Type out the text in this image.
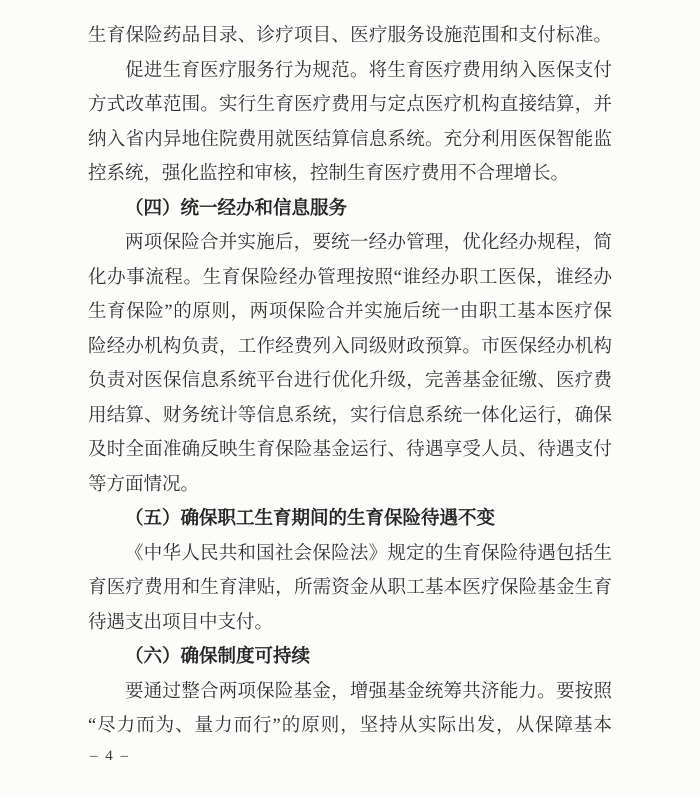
生育保险药品目录、诊疗项目、医疗服务设施范围和支付标准。
促进生育医疗服务行为规范。将生育医疗费用纳入医保支付
方式改革范围。实行生育医疗费用与定点医疗机构直接结算，并
纳入省内异地住院费用就医结算信息系统。充分利用医保智能监
控系统，强化监控和审核，控制生育医疗费用不合理增长。
（四）统一经办和信息服务
两项保险合并实施后，要统一经办管理，优化经办规程，简
化办事流程。生育保险经办管理按照“谁经办职工医保，谁经办
生育保险”的原则，两项保险合并实施后统一由职工基本医疗保
险经办机构负责，工作经费列入同级财政预算。市医保经办机构
负责对医保信息系统平台进行优化升级，完善基金征缴、医疗费
用结算、财务统计等信息系统，实行信息系统一体化运行，确保
及时全面准确反映生育保险基金运行、待遇享受人员、待遇支付
等方面情况。
（五）确保职工生育期间的生育保险待遇不变
《中华人民共和国社会保险法》规定的生育保险待遇包括生
育医疗费用和生育津贴，所需资金从职工基本医疗保险基金生育
待遇支出项目中支付。
（六）确保制度可持续
要通过整合两项保险基金，增强基金统筹共济能力。要按照
“尽力而为、量力而行”的原则，坚持从实际出发，从保障基本
– 4 –
